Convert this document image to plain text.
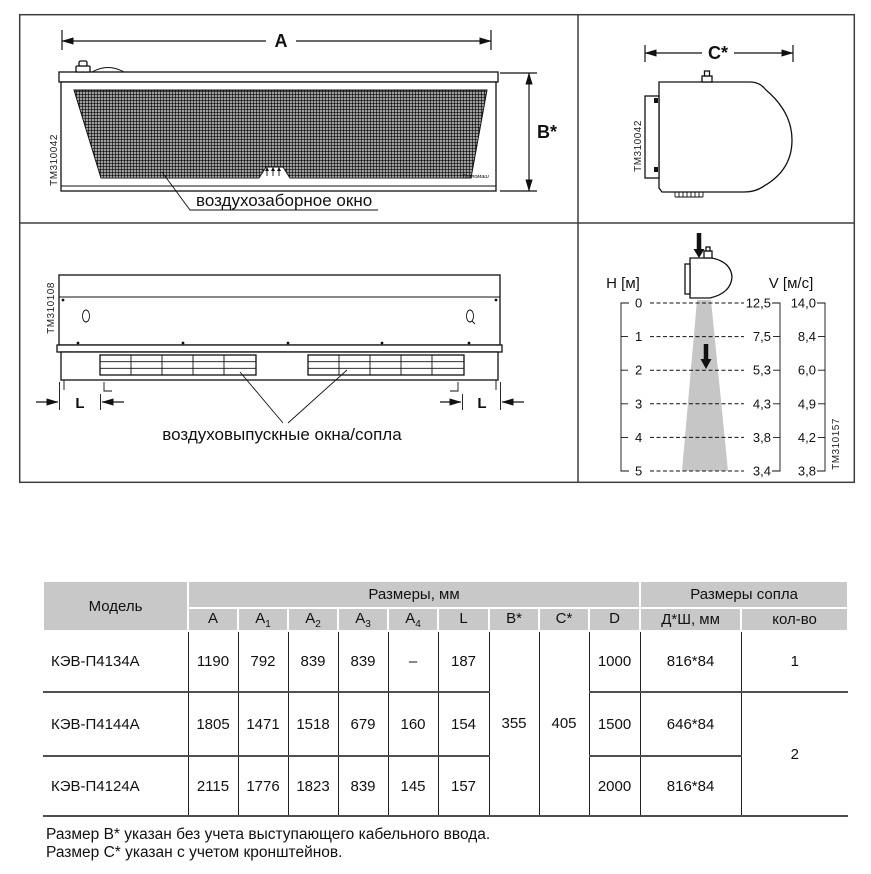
A
Тепломаш
B*
TM310042
воздухозаборное окно
C*
TM310042
TM310108
L	L
воздуховыпускные окна/сопла
H [м]	V [м/с]
0
1
2
3
4
5
12,5
7,5
5,3
4,3
3,8
3,4
14,0
8,4
6,0
4,9
4,2
3,8
TM310157
Модель	Размеры, мм									Размеры сопла	
	A	$A_1$	$A_2$	$A_3$	$A_4$	L	B*	C*	D	Д*Ш, мм	кол-во
КЭВ-П4134А	1190	792	839	839	–	187	355	405	1000	816*84	1
КЭВ-П4144А	1805	1471	1518	679	160	154			1500	646*84	2
КЭВ-П4124А	2115	1776	1823	839	145	157			2000	816*84	
Размер B* указан без учета выступающего кабельного ввода.
Размер C* указан с учетом кронштейнов.
